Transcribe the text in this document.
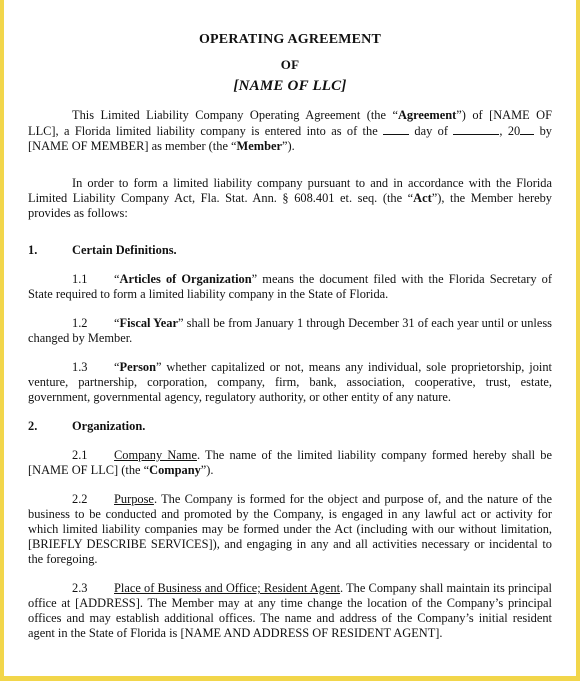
OPERATING AGREEMENT
OF
[NAME OF LLC]

This Limited Liability Company Operating Agreement (the “Agreement”) of [NAME OF LLC], a Florida limited liability company is entered into as of the	day of	, 20 by [NAME OF MEMBER] as member (the “Member”).

In order to form a limited liability company pursuant to and in accordance with the Florida Limited Liability Company Act, Fla. Stat. Ann. § 608.401 et. seq. (the “Act”), the Member hereby provides as follows:

1.	Certain Definitions.

1.1 “Articles of Organization” means the document filed with the Florida Secretary of State required to form a limited liability company in the State of Florida.

1.2 “Fiscal Year” shall be from January 1 through December 31 of each year until or unless changed by Member.

1.3 “Person” whether capitalized or not, means any individual, sole proprietorship, joint venture, partnership, corporation, company, firm, bank, association, cooperative, trust, estate, government, governmental agency, regulatory authority, or other entity of any nature.

2.	Organization.

2.1 Company Name. The name of the limited liability company formed hereby shall be [NAME OF LLC] (the “Company”).

2.2 Purpose. The Company is formed for the object and purpose of, and the nature of the business to be conducted and promoted by the Company, is engaged in any lawful act or activity for which limited liability companies may be formed under the Act (including with our without limitation, [BRIEFLY DESCRIBE SERVICES]), and engaging in any and all activities necessary or incidental to the foregoing.

2.3 Place of Business and Office; Resident Agent. The Company shall maintain its principal office at [ADDRESS]. The Member may at any time change the location of the Company’s principal offices and may establish additional offices. The name and address of the Company’s initial resident agent in the State of Florida is [NAME AND ADDRESS OF RESIDENT AGENT].
